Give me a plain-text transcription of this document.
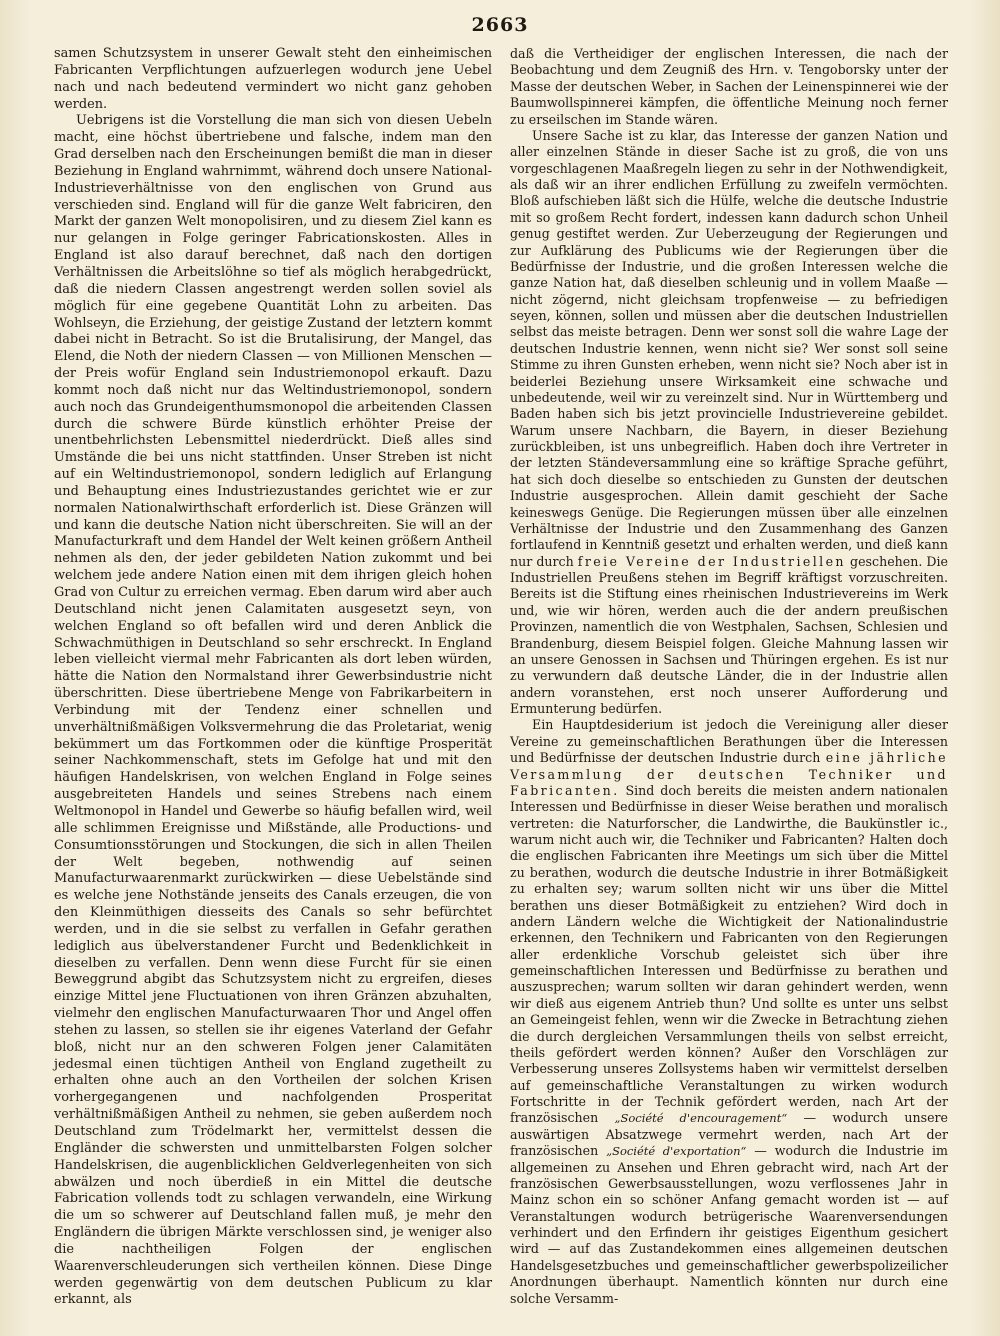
2663

samen Schutzsystem in unserer Gewalt steht den einheimischen Fabricanten Verpflichtungen aufzuerlegen wodurch jene Uebel nach und nach bedeutend vermindert wo nicht ganz gehoben werden.

Uebrigens ist die Vorstellung die man sich von diesen Uebeln macht, eine höchst übertriebene und falsche, indem man den Grad derselben nach den Erscheinungen bemißt die man in dieser Beziehung in England wahrnimmt, während doch unsere National-Industrieverhältnisse von den englischen von Grund aus verschieden sind. England will für die ganze Welt fabriciren, den Markt der ganzen Welt monopolisiren, und zu diesem Ziel kann es nur gelangen in Folge geringer Fabricationskosten. Alles in England ist also darauf berechnet, daß nach den dortigen Verhältnissen die Arbeitslöhne so tief als möglich herabgedrückt, daß die niedern Classen angestrengt werden sollen soviel als möglich für eine gegebene Quantität Lohn zu arbeiten. Das Wohlseyn, die Erziehung, der geistige Zustand der letztern kommt dabei nicht in Betracht. So ist die Brutalisirung, der Mangel, das Elend, die Noth der niedern Classen — von Millionen Menschen — der Preis wofür England sein Industriemonopol erkauft. Dazu kommt noch daß nicht nur das Weltindustriemonopol, sondern auch noch das Grundeigenthumsmonopol die arbeitenden Classen durch die schwere Bürde künstlich erhöhter Preise der unentbehrlichsten Lebensmittel niederdrückt. Dieß alles sind Umstände die bei uns nicht stattfinden. Unser Streben ist nicht auf ein Weltindustriemonopol, sondern lediglich auf Erlangung und Behauptung eines Industriezustandes gerichtet wie er zur normalen Nationalwirthschaft erforderlich ist. Diese Gränzen will und kann die deutsche Nation nicht überschreiten. Sie will an der Manufacturkraft und dem Handel der Welt keinen größern Antheil nehmen als den, der jeder gebildeten Nation zukommt und bei welchem jede andere Nation einen mit dem ihrigen gleich hohen Grad von Cultur zu erreichen vermag. Eben darum wird aber auch Deutschland nicht jenen Calamitaten ausgesetzt seyn, von welchen England so oft befallen wird und deren Anblick die Schwachmüthigen in Deutschland so sehr erschreckt. In England leben vielleicht viermal mehr Fabricanten als dort leben würden, hätte die Nation den Normalstand ihrer Gewerbsindustrie nicht überschritten. Diese übertriebene Menge von Fabrikarbeitern in Verbindung mit der Tendenz einer schnellen und unverhältnißmäßigen Volksvermehrung die das Proletariat, wenig bekümmert um das Fortkommen oder die künftige Prosperität seiner Nachkommenschaft, stets im Gefolge hat und mit den häufigen Handelskrisen, von welchen England in Folge seines ausgebreiteten Handels und seines Strebens nach einem Weltmonopol in Handel und Gewerbe so häufig befallen wird, weil alle schlimmen Ereignisse und Mißstände, alle Productions- und Consumtionsstörungen und Stockungen, die sich in allen Theilen der Welt begeben, nothwendig auf seinen Manufacturwaarenmarkt zurückwirken — diese Uebelstände sind es welche jene Nothstände jenseits des Canals erzeugen, die von den Kleinmüthigen diesseits des Canals so sehr befürchtet werden, und in die sie selbst zu verfallen in Gefahr gerathen lediglich aus übelverstandener Furcht und Bedenklichkeit in dieselben zu verfallen. Denn wenn diese Furcht für sie einen Beweggrund abgibt das Schutzsystem nicht zu ergreifen, dieses einzige Mittel jene Fluctuationen von ihren Gränzen abzuhalten, vielmehr den englischen Manufacturwaaren Thor und Angel offen stehen zu lassen, so stellen sie ihr eigenes Vaterland der Gefahr bloß, nicht nur an den schweren Folgen jener Calamitäten jedesmal einen tüchtigen Antheil von England zugetheilt zu erhalten ohne auch an den Vortheilen der solchen Krisen vorhergegangenen und nachfolgenden Prosperitat verhältnißmäßigen Antheil zu nehmen, sie geben außerdem noch Deutschland zum Trödelmarkt her, vermittelst dessen die Engländer die schwersten und unmittelbarsten Folgen solcher Handelskrisen, die augenblicklichen Geldverlegenheiten von sich abwälzen und noch überdieß in ein Mittel die deutsche Fabrication vollends todt zu schlagen verwandeln, eine Wirkung die um so schwerer auf Deutschland fallen muß, je mehr den Engländern die übrigen Märkte verschlossen sind, je weniger also die nachtheiligen Folgen der englischen Waarenverschleuderungen sich vertheilen können. Diese Dinge werden gegenwärtig von dem deutschen Publicum zu klar erkannt, als

daß die Vertheidiger der englischen Interessen, die nach der Beobachtung und dem Zeugniß des Hrn. v. Tengoborsky unter der Masse der deutschen Weber, in Sachen der Leinenspinnerei wie der Baumwollspinnerei kämpfen, die öffentliche Meinung noch ferner zu erseilschen im Stande wären.

Unsere Sache ist zu klar, das Interesse der ganzen Nation und aller einzelnen Stände in dieser Sache ist zu groß, die von uns vorgeschlagenen Maaßregeln liegen zu sehr in der Nothwendigkeit, als daß wir an ihrer endlichen Erfüllung zu zweifeln vermöchten. Bloß aufschieben läßt sich die Hülfe, welche die deutsche Industrie mit so großem Recht fordert, indessen kann dadurch schon Unheil genug gestiftet werden. Zur Ueberzeugung der Regierungen und zur Aufklärung des Publicums wie der Regierungen über die Bedürfnisse der Industrie, und die großen Interessen welche die ganze Nation hat, daß dieselben schleunig und in vollem Maaße — nicht zögernd, nicht gleichsam tropfenweise — zu befriedigen seyen, können, sollen und müssen aber die deutschen Industriellen selbst das meiste betragen. Denn wer sonst soll die wahre Lage der deutschen Industrie kennen, wenn nicht sie? Wer sonst soll seine Stimme zu ihren Gunsten erheben, wenn nicht sie? Noch aber ist in beiderlei Beziehung unsere Wirksamkeit eine schwache und unbedeutende, weil wir zu vereinzelt sind. Nur in Württemberg und Baden haben sich bis jetzt provincielle Industrievereine gebildet. Warum unsere Nachbarn, die Bayern, in dieser Beziehung zurückbleiben, ist uns unbegreiflich. Haben doch ihre Vertreter in der letzten Ständeversammlung eine so kräftige Sprache geführt, hat sich doch dieselbe so entschieden zu Gunsten der deutschen Industrie ausgesprochen. Allein damit geschieht der Sache keineswegs Genüge. Die Regierungen müssen über alle einzelnen Verhältnisse der Industrie und den Zusammenhang des Ganzen fortlaufend in Kenntniß gesetzt und erhalten werden, und dieß kann nur durch freie Vereine der Industriellen geschehen. Die Industriellen Preußens stehen im Begriff kräftigst vorzuschreiten. Bereits ist die Stiftung eines rheinischen Industrievereins im Werk und, wie wir hören, werden auch die der andern preußischen Provinzen, namentlich die von Westphalen, Sachsen, Schlesien und Brandenburg, diesem Beispiel folgen. Gleiche Mahnung lassen wir an unsere Genossen in Sachsen und Thüringen ergehen. Es ist nur zu verwundern daß deutsche Länder, die in der Industrie allen andern voranstehen, erst noch unserer Aufforderung und Ermunterung bedürfen.

Ein Hauptdesiderium ist jedoch die Vereinigung aller dieser Vereine zu gemeinschaftlichen Berathungen über die Interessen und Bedürfnisse der deutschen Industrie durch eine jährliche Versammlung der deutschen Techniker und Fabricanten. Sind doch bereits die meisten andern nationalen Interessen und Bedürfnisse in dieser Weise berathen und moralisch vertreten: die Naturforscher, die Landwirthe, die Baukünstler ic., warum nicht auch wir, die Techniker und Fabricanten? Halten doch die englischen Fabricanten ihre Meetings um sich über die Mittel zu berathen, wodurch die deutsche Industrie in ihrer Botmäßigkeit zu erhalten sey; warum sollten nicht wir uns über die Mittel berathen uns dieser Botmäßigkeit zu entziehen? Wird doch in andern Ländern welche die Wichtigkeit der Nationalindustrie erkennen, den Technikern und Fabricanten von den Regierungen aller erdenkliche Vorschub geleistet sich über ihre gemeinschaftlichen Interessen und Bedürfnisse zu berathen und auszusprechen; warum sollten wir daran gehindert werden, wenn wir dieß aus eigenem Antrieb thun? Und sollte es unter uns selbst an Gemeingeist fehlen, wenn wir die Zwecke in Betrachtung ziehen die durch dergleichen Versammlungen theils von selbst erreicht, theils gefördert werden können? Außer den Vorschlägen zur Verbesserung unseres Zollsystems haben wir vermittelst derselben auf gemeinschaftliche Veranstaltungen zu wirken wodurch Fortschritte in der Technik gefördert werden, nach Art der französischen „Société d'encouragement“ — wodurch unsere auswärtigen Absatzwege vermehrt werden, nach Art der französischen „Société d'exportation“ — wodurch die Industrie im allgemeinen zu Ansehen und Ehren gebracht wird, nach Art der französischen Gewerbsausstellungen, wozu verflossenes Jahr in Mainz schon ein so schöner Anfang gemacht worden ist — auf Veranstaltungen wodurch betrügerische Waarenversendungen verhindert und den Erfindern ihr geistiges Eigenthum gesichert wird — auf das Zustandekommen eines allgemeinen deutschen Handelsgesetzbuches und gemeinschaftlicher gewerbspolizeilicher Anordnungen überhaupt. Namentlich könnten nur durch eine solche Versamm-
